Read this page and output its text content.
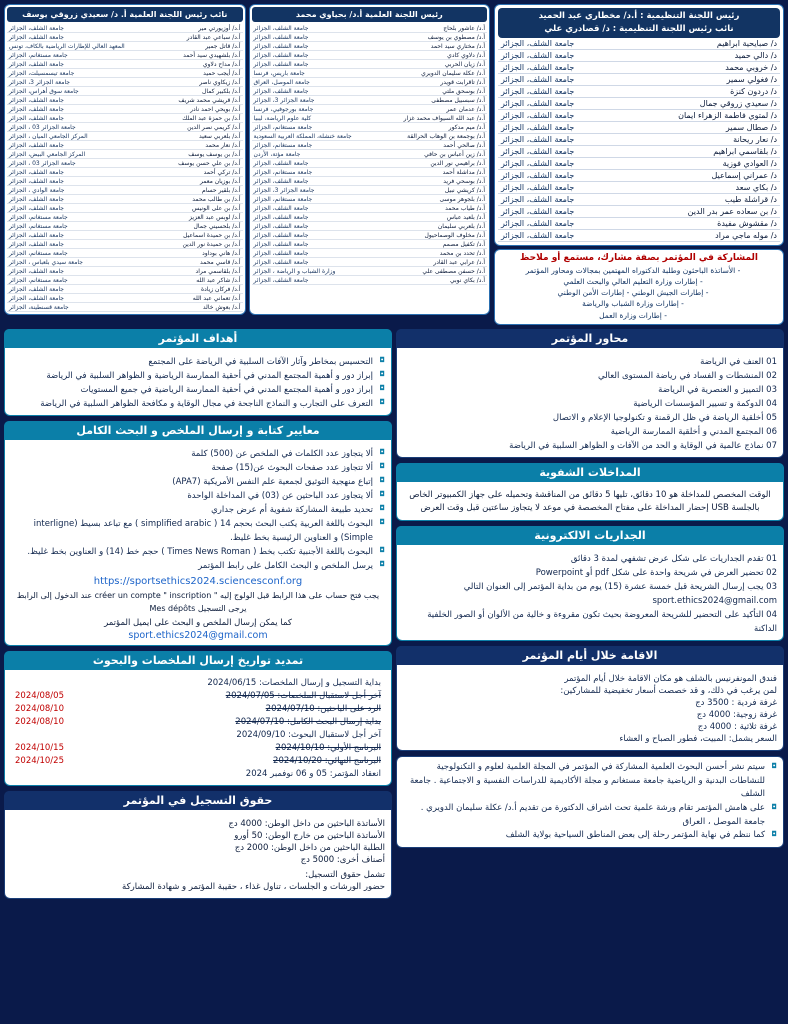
رئيس اللجنة التنظيمية : أ.د/ مخطاري عبد الحميد
نائب رئيس اللجنة التنظيمية : د/ قصادري علي
د/ صبايحية ابراهيم	جامعة الشلف، الجزائر
د/ دالي حميد	جامعة الشلف، الجزائر
د/ خروبي محمد	جامعة الشلف، الجزائر
د/ فغولي سمير	جامعة الشلف، الجزائر
د/ دردون كنزة	جامعة الشلف، الجزائر
د/ سعيدي زروقي جمال	جامعة الشلف، الجزائر
د/ لمتوي فاطمة الزهراء ايمان	جامعة الشلف، الجزائر
د/ صطال سمير	جامعة الشلف، الجزائر
د/ نعار ريحانة	جامعة الشلف، الجزائر
د/ بلقاسمي ابراهيم	جامعة الشلف، الجزائر
د/ العوادي فوزية	جامعة الشلف، الجزائر
د/ عمراني إسماعيل	جامعة الشلف، الجزائر
د/ بكاي سعد	جامعة الشلف، الجزائر
د/ قراشلة طيب	جامعة الشلف، الجزائر
د/ بن سعاده عمر بدر الدين	جامعة الشلف، الجزائر
د/ مقشوش مفيدة	جامعة الشلف، الجزائر
د/ موله ماجي مراد	جامعة الشلف، الجزائر
المشاركة في المؤتمر بصفة مشارك، مستمع أو ملاحظ
- الأساتذة الباحثون وطلبة الدكتوراه المهتمين بمجالات ومحاور المؤتمر
- إطارات وزارة التعليم العالي والبحث العلمي
- إطارات الجيش الوطني - إطارات الأمن الوطني
- إطارات وزارة الشباب والرياضة
- إطارات وزارة العمل
رئيس اللجنة العلمية أ.د/ بحياوي محمد
أ.د/ عاشور بلحاج	جامعة الشلف، الجزائر
أ.د/ مصطوي بن يوسف	جامعة الشلف، الجزائر
أ.د/ مختاري سيد احمد	جامعة الشلف، الجزائر
أ.د/ دلاوي كادي	جامعة الشلف، الجزائر
أ.د/ زيان الحربي	جامعة الشلف، الجزائر
أ.د/ عكلة سليمان الدويري	جامعة باريس، فرنسا
أ.د/ تاقرابت قويدر	جامعة الموصل، العراق
أ.د/ بوسحق ملتي	جامعة الشلف، الجزائر
أ.د/ سبسبيل مصطفى	جامعة الجزائر 3، الجزائر
أ.د/ عدمان عمر	جامعة بورجوفيي، فرنسا
أ.د/ عبد الله السيواف محمد غزار	كلية علوم الرياضة، ليبيا
أ.د/ ميم مدكور	جامعة مستغانم، الجزائر
أ.د/ بوجمعة بن الوهاب الحرالقة	جامعة خنشلة، المملكة العربية السعودية
أ.د/ صالحي أحمد	جامعة مستغانم، الجزائر
أ.د/ زين أعباس بن حافي	جامعة مؤتة، الأردن
أ.د/ براهيمي نور الدين	جامعة الشلف، الجزائر
أ.د/ مداشلة أحمد	جامعة مستغانم، الجزائر
أ.د/ بوسحي فريد	جامعة الشلف، الجزائر
أ.د/ كريشي نبيل	جامعة الجزائر 3، الجزائر
أ.د/ بلجوهر موسى	جامعة مستغانم، الجزائر
أ.د/ طياب محمد	جامعة الشلف، الجزائر
أ.د/ بلعيد عباس	جامعة الشلف، الجزائر
أ.د/ بلعربي سليمان	جامعة الشلف، الجزائر
أ.د/ مخلوف الوصماحيول	جامعة الشلف، الجزائر
أ.د/ تكفيل مصمم	جامعة الشلف، الجزائر
أ.د/ تحدد بن محمد	جامعة الشلف، الجزائر
أ.د/ عرابي عبد القادر	جامعة الشلف، الجزائر
أ.د/ حسفن مصطفى علي	وزارة الشباب و الرياضة ، الجزائر
أ.د/ بكاي نوبي	جامعة الشلف، الجزائر
نائب رئيس اللجنة العلمية أ. د/ سعيدي زروقي يوسف
أ.د/ أوزيورتي مير	جامعة الشلف، الجزائر
أ.د/ سباعي عبد القادر	جامعة الشلف، الجزائر
أ.د/ قاتل جمير	المعهد العالي للإطارات الرياضية بالكاف، تونس
أ.د/ بلشهيدي سيد أحمد	جامعة مستغانم، الجزائر
أ.د/ مداح دلاوي	جامعة الشلف، الجزائر
أ.د/ أيجب حميد	جامعة تيسمسيلت، الجزائر
أ.د/ زيكاوي ناصر	جامعة الجزائر 3، الجزائر
أ.د/ بلكبير كمال	جامعة سوق أهراس، الجزائر
أ.د/ قريشي محمد شريف	جامعة الشلف، الجزائر
أ.د/ بويحي احمد نادر	جامعة الشلف، الجزائر
أ.د/ بن حمزة عبد الملك	جامعة الشلف، الجزائر
أ.د/ كريمي نصر الدين	جامعة الجزائر 03 ، الجزائر
أ.د/ بلعربي سعيد	المركز الجامعي الميان ، الجزائر
أ.د/ نعار محمد	جامعة الشلف، الجزائر
أ.د/ بن يوسف يوسف	المركز الجامعي البيض، الجزائر
أ.د/ بن علي حسن يوسف	جامعة الجزائر 03 ، الجزائر
أ.د/ تركي أحمد	جامعة الشلف، الجزائر
أ.د/ بوزيان معمر	جامعة الشلف، الجزائر
أ.د/ بلقير حسام	جامعة الوادي ، الجزائر
أ.د/ بن طالب محمد	جامعة الشلف، الجزائر
أ.د/ بن على الونيس	جامعة الشلف، الجزائر
أ.د/ لوبس عبد العزيز	جامعة مستغانم، الجزائر
أ.د/ بلحسيني جمال	جامعة مستغانم، الجزائر
أ.د/ بن حميدة اسماعيل	جامعة الشلف، الجزائر
أ.د/ بن حميدة نور الدين	جامعة الشلف، الجزائر
أ.د/ هاني بوداود	جامعة مستغانم، الجزائر
أ.د/ قاسي محمد	جامعة سيدي بلعباس ، الجزائر
أ.د/ بلقاسمي مراد	جامعة الشلف، الجزائر
أ.د/ شاكر عبد الله	جامعة مستغانم، الجزائر
أ.د/ فركان زيادة	جامعة الشلف، الجزائر
أ.د/ تعماني عبد الله	جامعة الشلف، الجزائر
أ.د/ بعوش خالد	جامعة قسنطينة، الجزائر
محاور المؤتمر
01 العنف في الرياضة
02 المنشطات و الفساد في رياضة المستوى العالي
03 التمييز و العنصرية في الرياضة
04 الدوكمة و تسيير المؤسسات الرياضية
05 أخلقية الرياضة في ظل الرقمنة و تكنولوجيا الإعلام و الاتصال
06 المجتمع المدني و أخلقية الممارسة الرياضية
07 نماذج عالمية في الوقاية و الحد من الآفات و الظواهر السلبية في الرياضة
المداخلات الشفوية

الوقت المخصص للمداخلة هو 10 دقائق، تليها 5 دقائق من المناقشة وتحميله على جهاز الكمبيوتر الخاص بالجلسة USB إحضار المداخلة على مفتاح المخصصة في موعد لا يتجاوز ساعتين قبل وقت العرض

الجداريات الالكترونية
01 تقدم الجداريات على شكل عرض تشفهي لمدة 3 دقائق
02 تحضير العرض في شريحة واحدة على شكل pdf أو Powerpoint
03 يجب إرسال الشريحة قبل خمسة عشرة (15) يوم من بداية المؤتمر إلى العنوان التالي sport.ethics2024@gmail.com
04 التأكيد على التحضير للشريحة المعروضة بحيث تكون مقروءة و خالية من الألوان أو الصور الخلفية الداكنة
الاقامة خلال أيام المؤتمر

فندق المونفرنيس بالشلف هو مكان الاقامة خلال أيام المؤتمر

لمن يرغب في ذلك، و قد خصصت أسعار تخفيضية للمشاركين:

غرفة فردية : 3500 دج

غرفة زوجية: 4000 دج

غرفة ثلاثية : 4000 دج

السعر يشمل: المبيت، فطور الصباح و العشاء

◘ سيتم نشر أحسن البحوث العلمية المشاركة في المؤتمر في المجلة العلمية لعلوم و التكنولوجية للنشاطات البدنية و الرياضية جامعة مستغانم و مجلة الأكاديمية للدراسات النفسية و الاجتماعية . جامعة الشلف
◘ على هامش المؤتمر تقام ورشة علمية تحت اشراف الدكتورة من تقديم أ.د/ عكلة سليمان الدويري . جامعة الموصل ، العراق
◘ كما ننظم في نهاية المؤتمر رحلة إلى بعض المناطق السياحية بولاية الشلف
أهداف المؤتمر
◘ التحسيس بمخاطر وآثار الآفات السلبية في الرياضة على المجتمع
◘ إبراز دور و أهمية المجتمع المدني في أحقية الممارسة الرياضية و الظواهر السلبية في الرياضة
◘ إبراز دور و أهمية المجتمع المدني في أحقية الممارسة الرياضية في جميع المستويات
◘ التعرف على التجارب و النماذج الناجحة في مجال الوقاية و مكافحة الظواهر السلبية في الرياضة
معايير كتابة و إرسال الملخص و البحث الكامل
◘ ألا يتجاوز عدد الكلمات في الملخص عن (500) كلمة
◘ ألا تتجاوز عدد صفحات البحوث عن(15) صفحة
◘ إتباع منهجية التوثيق لجمعية علم النفس الأمريكية (APA7)
◘ ألا يتجاوز عدد الباحثين عن (03) في المداخلة الواحدة
◘ تحديد طبيعة المشاركة شفوية أم عرض جداري
◘ البحوث باللغة العربية يكتب البحث بحجم 14 ( simplified arabic ) مع تباعد بسيط (interligne Simple) و العناوين الرئيسية بخط غليظ.
◘ البحوث باللغة الأجنبية تكتب بخط ( Times News Roman ) حجم خط (14) و العناوين بخط غليظ.
◘ يرسل الملخص و البحث الكامل على رابط المؤتمر
https://sportsethics2024.sciencesconf.org

يجب فتح حساب على هذا الرابط قبل الولوج إليه " créer un compte " inscription عند الدخول إلى الرابط يرجى التسجيل Mes dépôts

كما يمكن إرسال الملخص و البحث على ايميل المؤتمر

sport.ethics2024@gmail.com
تمديد تواريخ إرسال الملخصات والبحوث
بداية التسجيل و إرسال الملخصات: 2024/06/15	
آخر أجل لاستقبال الملخصات: 2024/07/05	2024/08/05
الرد على الباحثين: 2024/07/10	2024/08/10
بداية إرسال البحث الكامل: 2024/07/10	2024/08/10
آخر أجل لاستقبال البحوث: 2024/09/10	
البرنامج الأولي: 2024/10/10	2024/10/15
البرنامج النهائي: 2024/10/20	2024/10/25
انعقاد المؤتمر: 05 و 06 نوفمبر 2024	
حقوق التسجيل في المؤتمر

الأساتذة الباحثين من داخل الوطن: 4000 دج

الأساتذة الباحثين من خارج الوطن: 50 أورو

الطلبة الباحثين من داخل الوطن: 2000 دج

أصناف أخرى: 5000 دج

تشمل حقوق التسجيل:

حضور الورشات و الجلسات ، تناول غذاء ، حقيبة المؤتمر و شهادة المشاركة
